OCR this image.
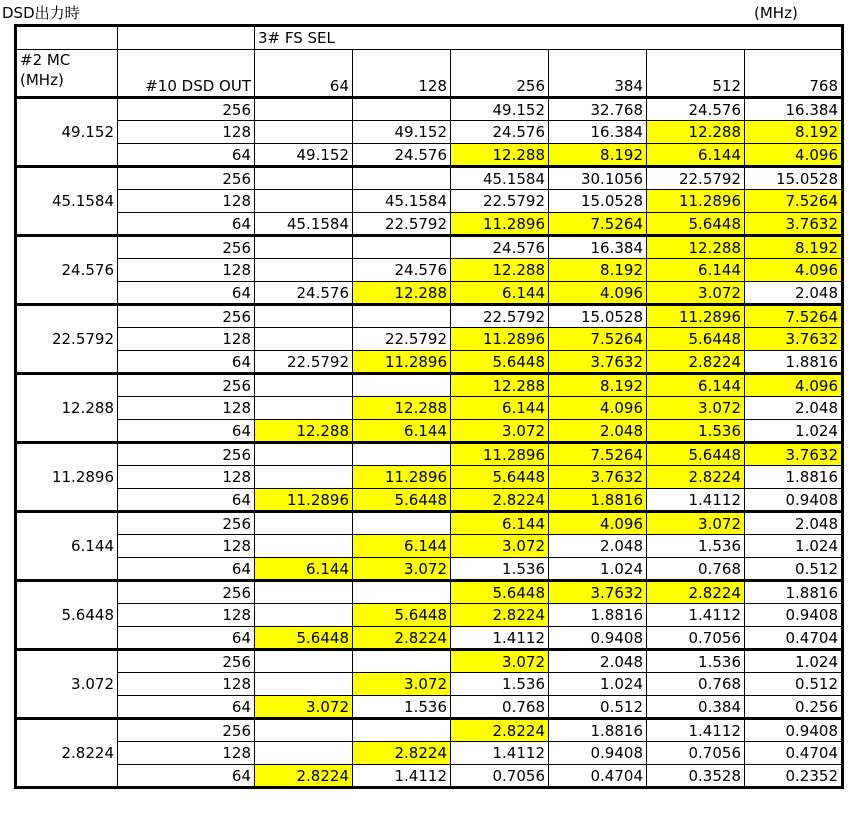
DSD出力時	(MHz)
		3# FS SEL					
#2 MC
(MHz)	#10 DSD OUT	64	128	256	384	512	768
49.152	256			49.152	32.768	24.576	16.384
	128		49.152	24.576	16.384	12.288	8.192
	64	49.152	24.576	12.288	8.192	6.144	4.096
45.1584	256			45.1584	30.1056	22.5792	15.0528
	128		45.1584	22.5792	15.0528	11.2896	7.5264
	64	45.1584	22.5792	11.2896	7.5264	5.6448	3.7632
24.576	256			24.576	16.384	12.288	8.192
	128		24.576	12.288	8.192	6.144	4.096
	64	24.576	12.288	6.144	4.096	3.072	2.048
22.5792	256			22.5792	15.0528	11.2896	7.5264
	128		22.5792	11.2896	7.5264	5.6448	3.7632
	64	22.5792	11.2896	5.6448	3.7632	2.8224	1.8816
12.288	256			12.288	8.192	6.144	4.096
	128		12.288	6.144	4.096	3.072	2.048
	64	12.288	6.144	3.072	2.048	1.536	1.024
11.2896	256			11.2896	7.5264	5.6448	3.7632
	128		11.2896	5.6448	3.7632	2.8224	1.8816
	64	11.2896	5.6448	2.8224	1.8816	1.4112	0.9408
6.144	256			6.144	4.096	3.072	2.048
	128		6.144	3.072	2.048	1.536	1.024
	64	6.144	3.072	1.536	1.024	0.768	0.512
5.6448	256			5.6448	3.7632	2.8224	1.8816
	128		5.6448	2.8224	1.8816	1.4112	0.9408
	64	5.6448	2.8224	1.4112	0.9408	0.7056	0.4704
3.072	256			3.072	2.048	1.536	1.024
	128		3.072	1.536	1.024	0.768	0.512
	64	3.072	1.536	0.768	0.512	0.384	0.256
2.8224	256			2.8224	1.8816	1.4112	0.9408
	128		2.8224	1.4112	0.9408	0.7056	0.4704
	64	2.8224	1.4112	0.7056	0.4704	0.3528	0.2352
